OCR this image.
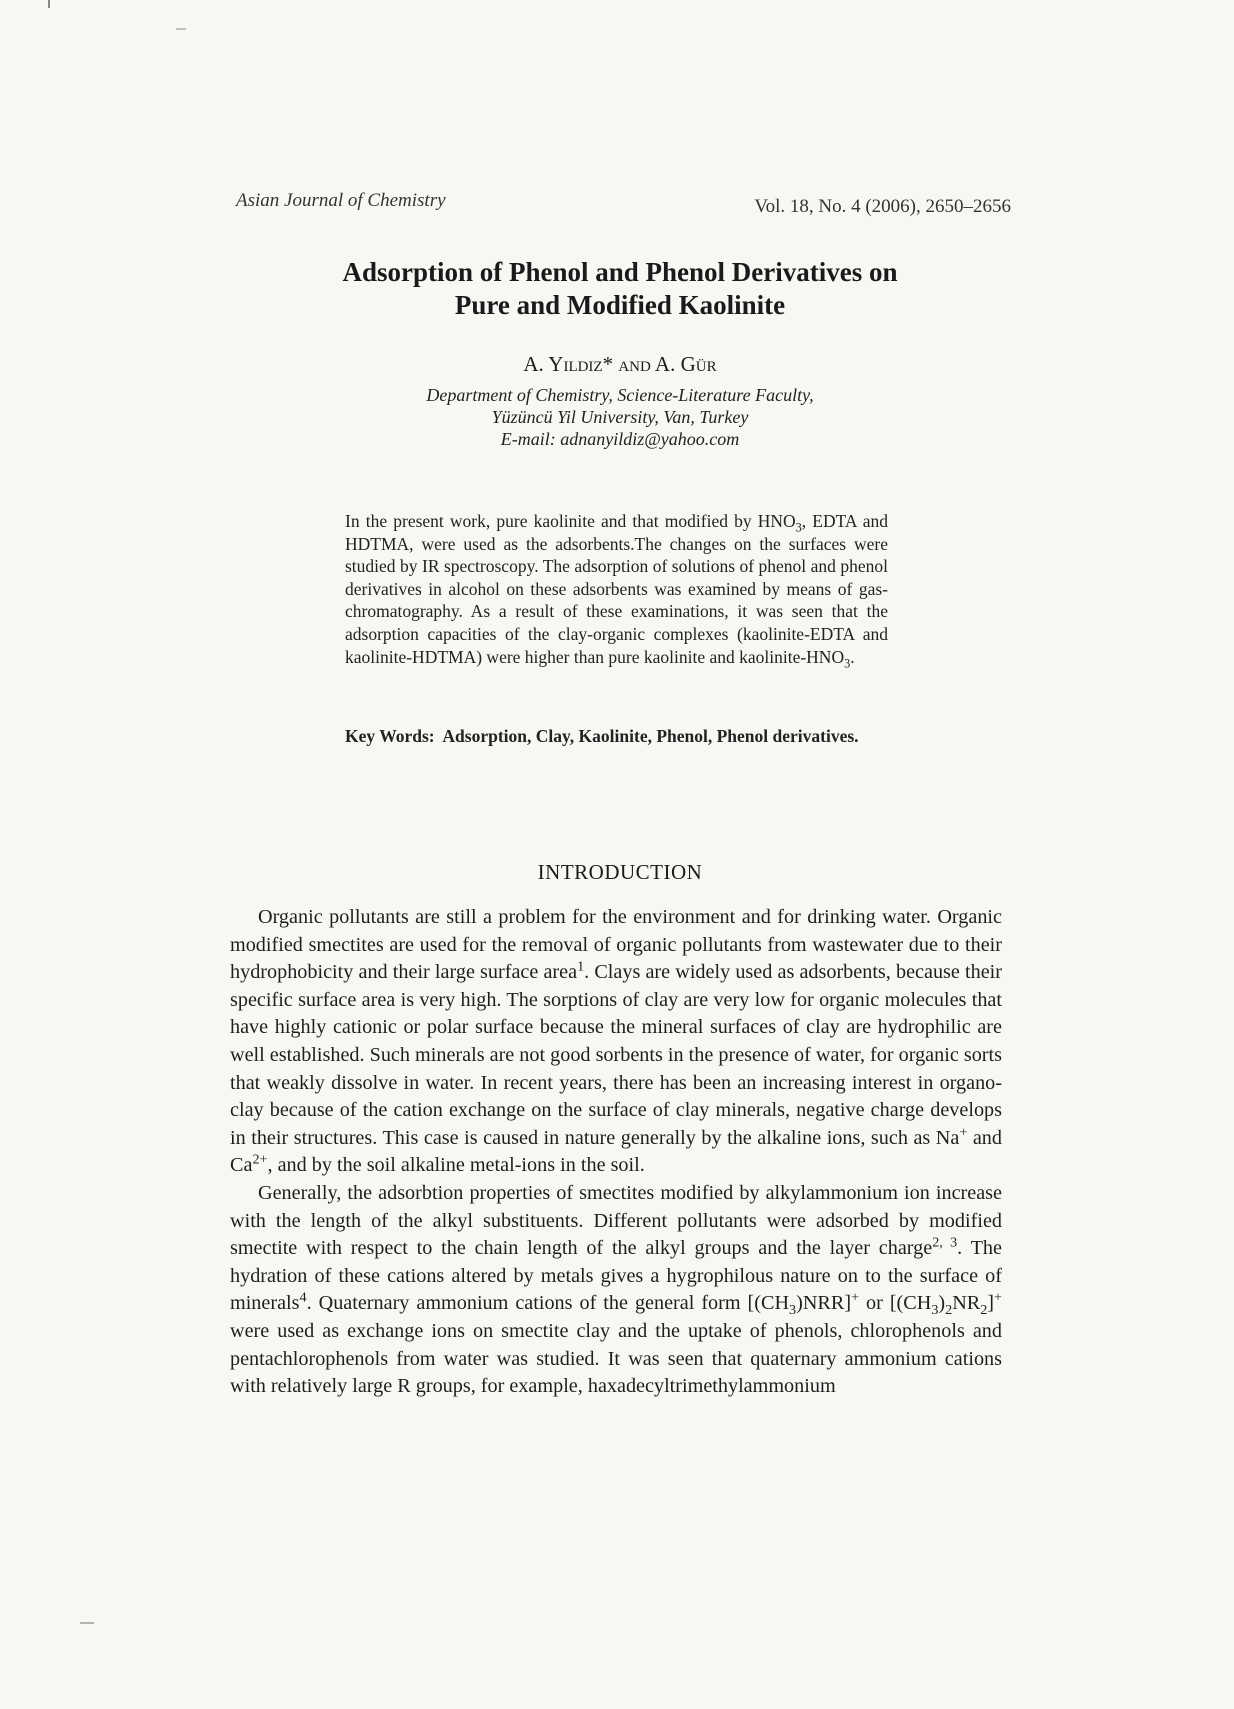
Asian Journal of Chemistry	Vol. 18, No. 4 (2006), 2650–2656
Adsorption of Phenol and Phenol Derivatives on
Pure and Modified Kaolinite
A. Yildiz* and A. Gür
Department of Chemistry, Science-Literature Faculty,
Yüzüncü Yil University, Van, Turkey
E-mail: adnanyildiz@yahoo.com
In the present work, pure kaolinite and that modified by $HNO_3$, EDTA and HDTMA, were used as the adsorbents.The changes on the surfaces were studied by IR spectroscopy. The adsorption of solutions of phenol and phenol derivatives in alcohol on these adsorbents was examined by means of gas-chromatography. As a result of these examinations, it was seen that the adsorption capacities of the clay-organic complexes (kaolinite-EDTA and kaolinite-HDTMA) were higher than pure kaolinite and kaolinite-$HNO_3$.
Key Words: Adsorption, Clay, Kaolinite, Phenol, Phenol derivatives.
INTRODUCTION

Organic pollutants are still a problem for the environment and for drinking water. Organic modified smectites are used for the removal of organic pollutants from wastewater due to their hydrophobicity and their large surface area$^1$. Clays are widely used as adsorbents, because their specific surface area is very high. The sorptions of clay are very low for organic molecules that have highly cationic or polar surface because the mineral surfaces of clay are hydrophilic are well established. Such minerals are not good sorbents in the presence of water, for organic sorts that weakly dissolve in water. In recent years, there has been an increasing interest in organo-clay because of the cation exchange on the surface of clay minerals, negative charge develops in their structures. This case is caused in nature generally by the alkaline ions, such as Na+ and $Ca^{2+}$, and by the soil alkaline metal-ions in the soil.

Generally, the adsorbtion properties of smectites modified by alkylammonium ion increase with the length of the alkyl substituents. Different pollutants were adsorbed by modified smectite with respect to the chain length of the alkyl groups and the layer charge$^{2, 3}$. The hydration of these cations altered by metals gives a hygrophilous nature on to the surface of minerals$^4$. Quaternary ammonium cations of the general form $[(CH_3)NRR]^+$ or $[(CH_3)_2NR_2]^+$ were used as exchange ions on smectite clay and the uptake of phenols, chlorophenols and pentachlorophenols from water was studied. It was seen that quaternary ammonium cations with relatively large R groups, for example, haxadecyltrimethylammonium
